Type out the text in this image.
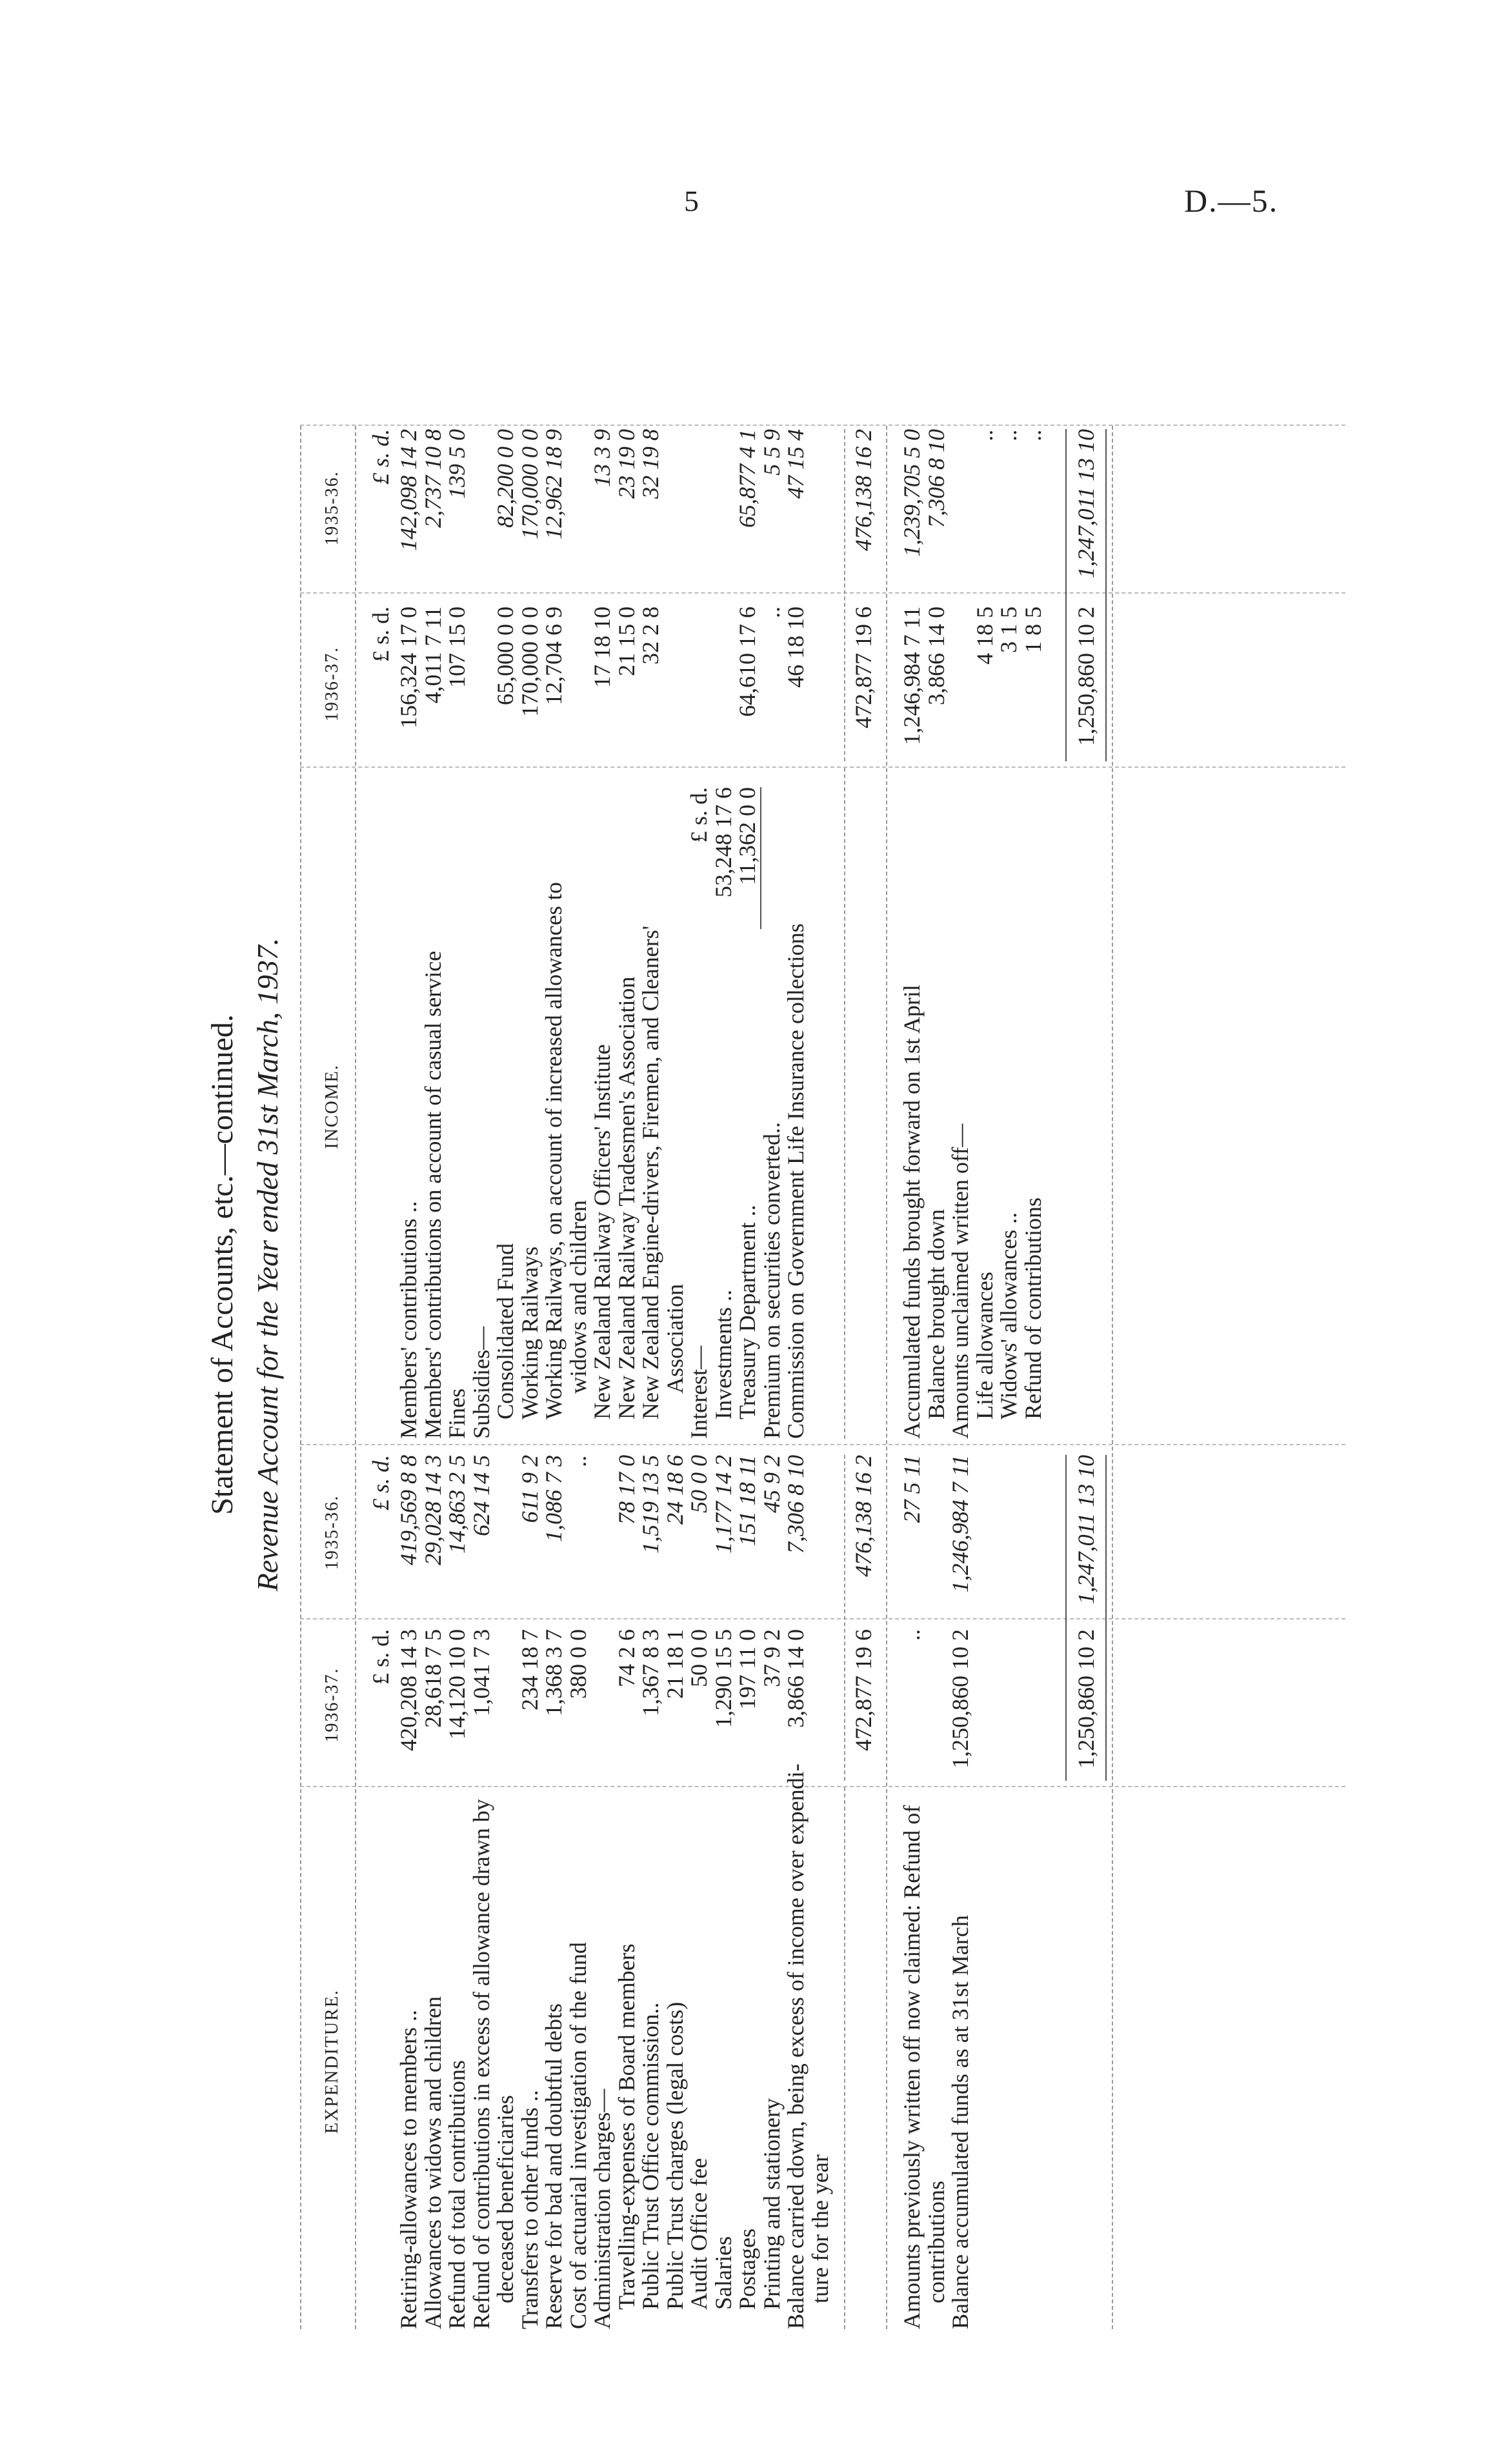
5	D.—5.
Statement of Accounts, etc.—continued. Revenue Account for the Year ended 31st March, 1937.
EXPENDITURE.
1936-37.
1935-36.
INCOME.
1936-37.
1935-36.
£ s. d.
£ s. d.
£ s. d.
£ s. d.
Retiring-allowances to members ..
420,208 14 3
419,569 8 8
Allowances to widows and children
28,618 7 5
29,028 14 3
Refund of total contributions
14,120 10 0
14,863 2 5
Refund of contributions in excess of allowance drawn by
1,041 7 3
624 14 5
deceased beneficiaries
Transfers to other funds ..
234 18 7
611 9 2
Reserve for bad and doubtful debts
1,368 3 7
1,086 7 3
Cost of actuarial investigation of the fund
380 0 0
..
Administration charges—
Travelling-expenses of Board members
74 2 6
78 17 0
Public Trust Office commission..
1,367 8 3
1,519 13 5
Public Trust charges (legal costs)
21 18 1
24 18 6
Audit Office fee
50 0 0
50 0 0
Salaries
1,290 15 5
1,177 14 2
Postages
197 11 0
151 18 11
Printing and stationery
37 9 2
45 9 2
Balance carried down, being excess of income over expendi-
3,866 14 0
7,306 8 10
ture for the year
Members' contributions ..
156,324 17 0
142,098 14 2
Members' contributions on account of casual service
4,011 7 11
2,737 10 8
Fines
107 15 0
139 5 0
Subsidies—
Consolidated Fund
65,000 0 0
82,200 0 0
Working Railways
170,000 0 0
170,000 0 0
Working Railways, on account of increased allowances to
12,704 6 9
12,962 18 9
widows and children
New Zealand Railway Officers' Institute
17 18 10
13 3 9
New Zealand Railway Tradesmen's Association
21 15 0
23 19 0
New Zealand Engine-drivers, Firemen, and Cleaners'
32 2 8
32 19 8
Association
Interest—
Investments ..
Treasury Department ..
64,610 17 6
65,877 4 1
Premium on securities converted..
..
5 5 9
Commission on Government Life Insurance collections
46 18 10
47 15 4
£ s. d.
53,248 17 6
11,362 0 0
472,877 19 6
476,138 16 2
472,877 19 6
476,138 16 2
Amounts previously written off now claimed: Refund of
..
27 5 11
contributions
Balance accumulated funds as at 31st March
1,250,860 10 2
1,246,984 7 11
Accumulated funds brought forward on 1st April
1,246,984 7 11
1,239,705 5 0
Balance brought down
3,866 14 0
7,306 8 10
Amounts unclaimed written off—
Life allowances
4 18 5
..
Widows' allowances ..
3 1 5
..
Refund of contributions
1 8 5
..
1,250,860 10 2
1,247,011 13 10
1,250,860 10 2
1,247,011 13 10
